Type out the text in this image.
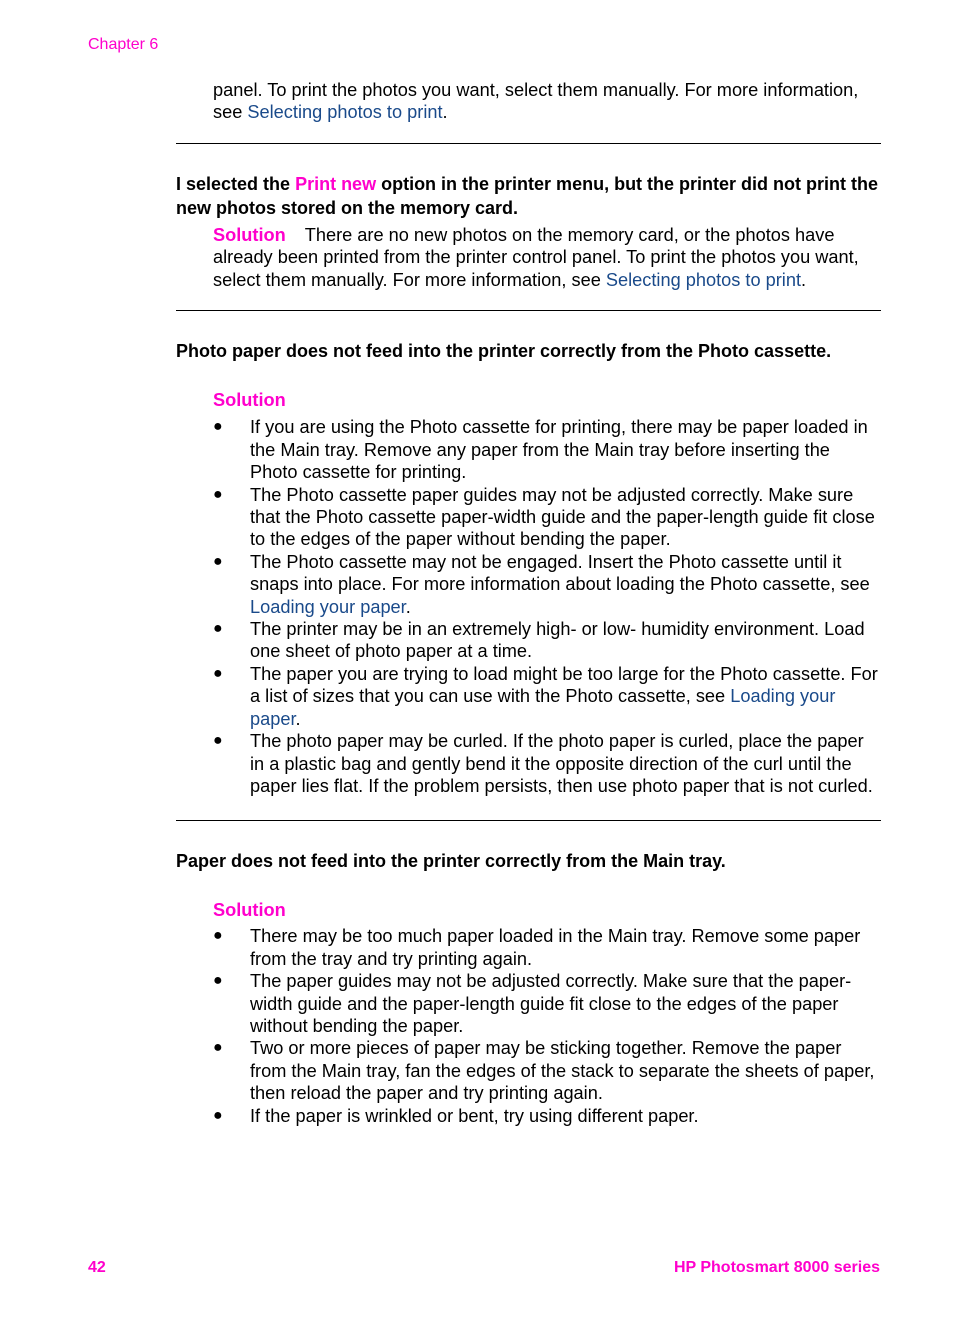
Chapter 6
panel. To print the photos you want, select them manually. For more information, see Selecting photos to print.
I selected the Print new option in the printer menu, but the printer did not print the new photos stored on the memory card.
Solution There are no new photos on the memory card, or the photos have already been printed from the printer control panel. To print the photos you want, select them manually. For more information, see Selecting photos to print.
Photo paper does not feed into the printer correctly from the Photo cassette.
Solution
● If you are using the Photo cassette for printing, there may be paper loaded in the Main tray. Remove any paper from the Main tray before inserting the Photo cassette for printing.
● The Photo cassette paper guides may not be adjusted correctly. Make sure that the Photo cassette paper-width guide and the paper-length guide fit close to the edges of the paper without bending the paper.
● The Photo cassette may not be engaged. Insert the Photo cassette until it snaps into place. For more information about loading the Photo cassette, see Loading your paper.
● The printer may be in an extremely high- or low- humidity environment. Load one sheet of photo paper at a time.
● The paper you are trying to load might be too large for the Photo cassette. For a list of sizes that you can use with the Photo cassette, see Loading your paper.
● The photo paper may be curled. If the photo paper is curled, place the paper in a plastic bag and gently bend it the opposite direction of the curl until the paper lies flat. If the problem persists, then use photo paper that is not curled.
Paper does not feed into the printer correctly from the Main tray.
Solution
● There may be too much paper loaded in the Main tray. Remove some paper from the tray and try printing again.
● The paper guides may not be adjusted correctly. Make sure that the paper-width guide and the paper-length guide fit close to the edges of the paper without bending the paper.
● Two or more pieces of paper may be sticking together. Remove the paper from the Main tray, fan the edges of the stack to separate the sheets of paper, then reload the paper and try printing again.
● If the paper is wrinkled or bent, try using different paper.
42	HP Photosmart 8000 series
